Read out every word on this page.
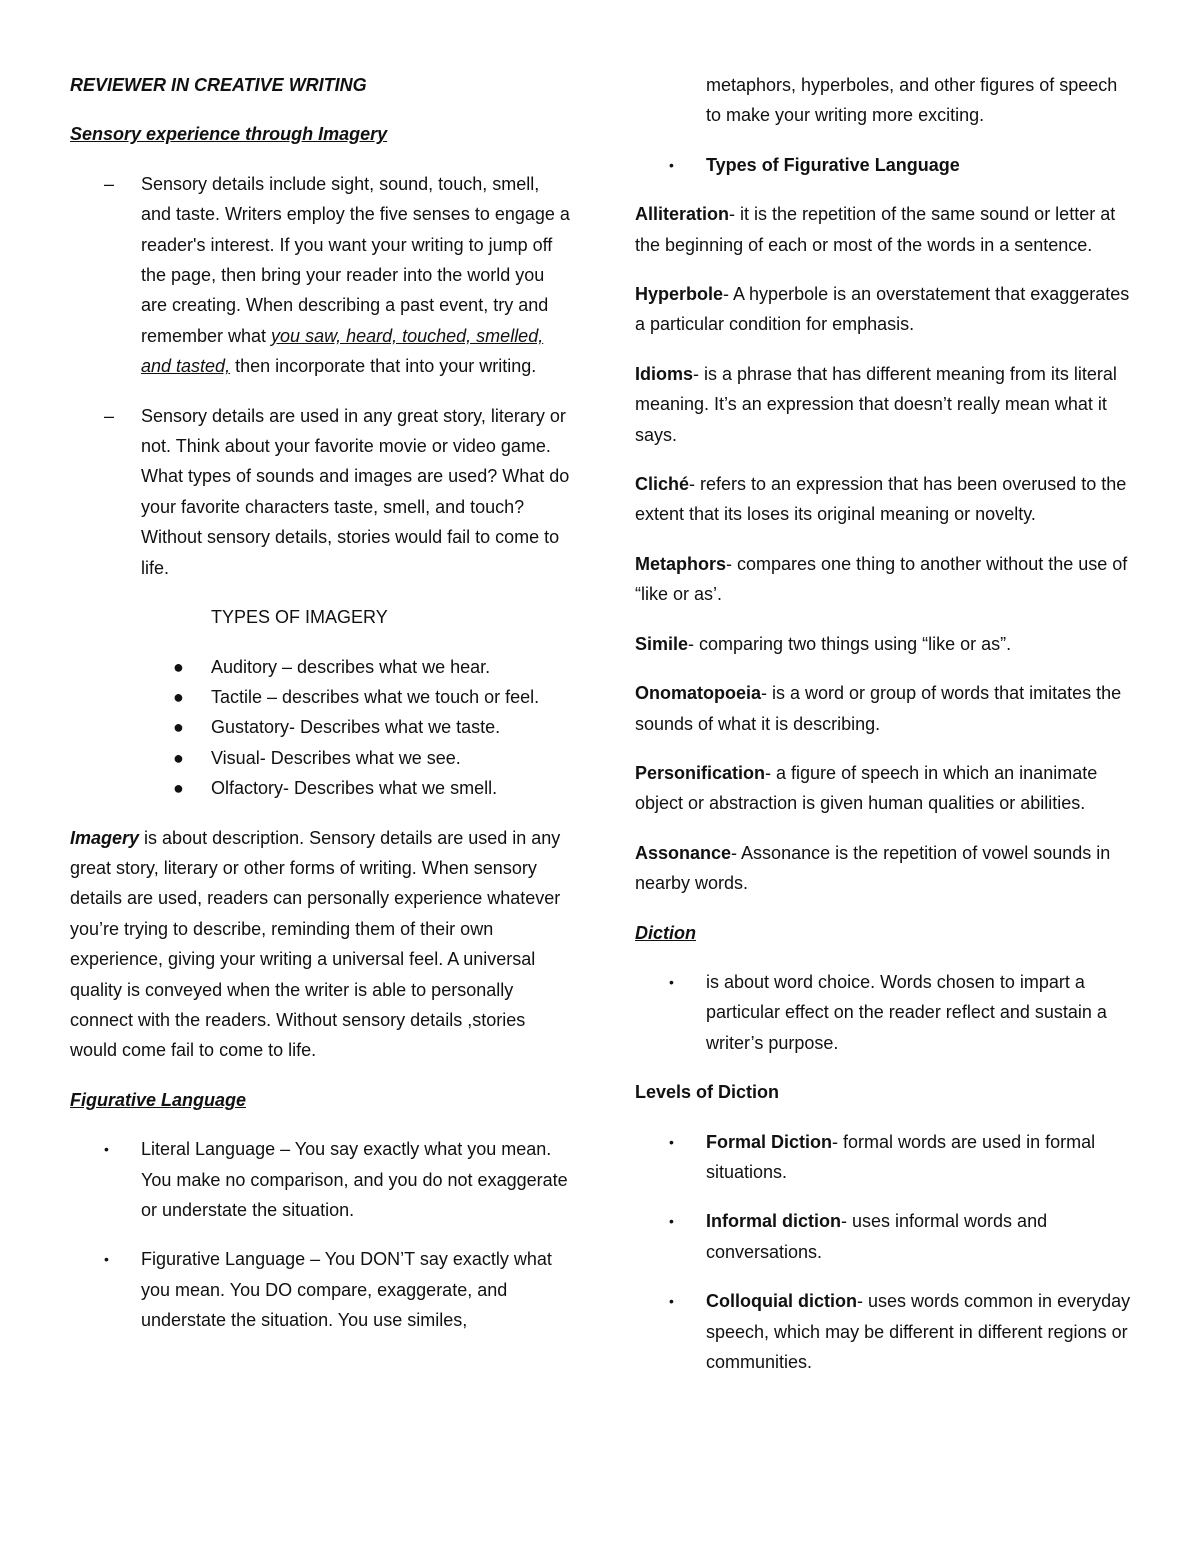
REVIEWER IN CREATIVE WRITING

Sensory experience through Imagery

– Sensory details include sight, sound, touch, smell, and taste. Writers employ the five senses to engage a reader's interest. If you want your writing to jump off the page, then bring your reader into the world you are creating. When describing a past event, try and remember what you saw, heard, touched, smelled, and tasted, then incorporate that into your writing.
– Sensory details are used in any great story, literary or not. Think about your favorite movie or video game. What types of sounds and images are used? What do your favorite characters taste, smell, and touch? Without sensory details, stories would fail to come to life.

TYPES OF IMAGERY

● Auditory – describes what we hear.

● Tactile – describes what we touch or feel.

● Gustatory- Describes what we taste.

● Visual- Describes what we see.

● Olfactory- Describes what we smell.

Imagery is about description. Sensory details are used in any great story, literary or other forms of writing. When sensory details are used, readers can personally experience whatever you’re trying to describe, reminding them of their own experience, giving your writing a universal feel. A universal quality is conveyed when the writer is able to personally connect with the readers. Without sensory details ,stories would come fail to come to life.

Figurative Language

• Literal Language – You say exactly what you mean. You make no comparison, and you do not exaggerate or understate the situation.
• Figurative Language – You DON’T say exactly what you mean. You DO compare, exaggerate, and understate the situation. You use similes,

metaphors, hyperboles, and other figures of speech to make your writing more exciting.

• Types of Figurative Language

Alliteration- it is the repetition of the same sound or letter at the beginning of each or most of the words in a sentence.

Hyperbole- A hyperbole is an overstatement that exaggerates a particular condition for emphasis.

Idioms- is a phrase that has different meaning from its literal meaning. It’s an expression that doesn’t really mean what it says.

Cliché- refers to an expression that has been overused to the extent that its loses its original meaning or novelty.

Metaphors- compares one thing to another without the use of “like or as’.

Simile- comparing two things using “like or as”.

Onomatopoeia- is a word or group of words that imitates the sounds of what it is describing.

Personification- a figure of speech in which an inanimate object or abstraction is given human qualities or abilities.

Assonance- Assonance is the repetition of vowel sounds in nearby words.

Diction

• is about word choice. Words chosen to impart a particular effect on the reader reflect and sustain a writer’s purpose.

Levels of Diction

• Formal Diction- formal words are used in formal situations.
• Informal diction- uses informal words and conversations.
• Colloquial diction- uses words common in everyday speech, which may be different in different regions or communities.
